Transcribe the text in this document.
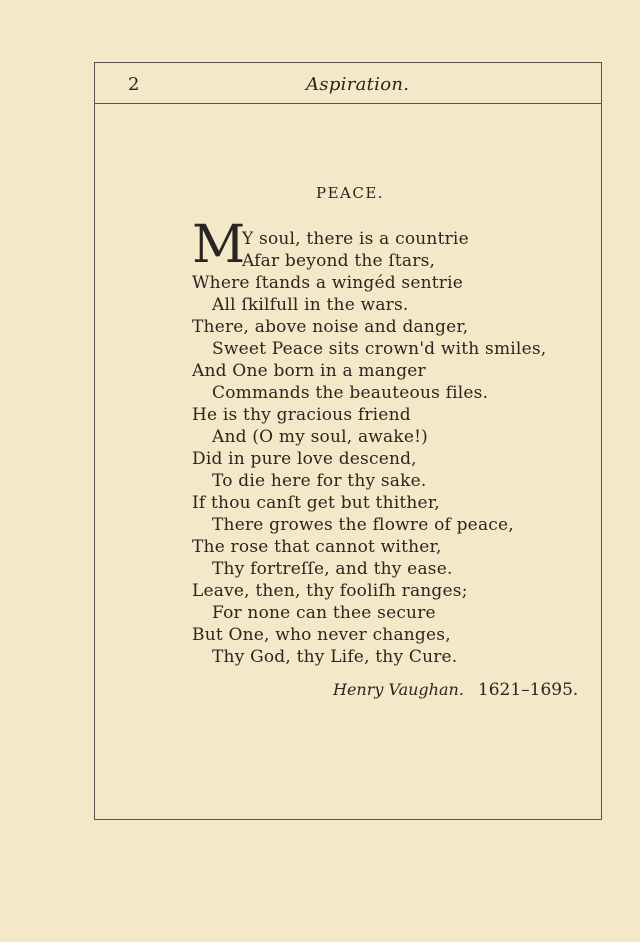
2	Aspiration.
PEACE.
M
Y soul, there is a countrie
Afar beyond the ſtars,
Where ſtands a wingéd sentrie
All ſkilfull in the wars.
There, above noise and danger,
Sweet Peace sits crown'd with smiles,
And One born in a manger
Commands the beauteous files.
He is thy gracious friend
And (O my soul, awake!)
Did in pure love descend,
To die here for thy sake.
If thou canſt get but thither,
There growes the flowre of peace,
The rose that cannot wither,
Thy fortreſſe, and thy ease.
Leave, then, thy fooliſh ranges;
For none can thee secure
But One, who never changes,
Thy God, thy Life, thy Cure.
Henry Vaughan. 1621–1695.
